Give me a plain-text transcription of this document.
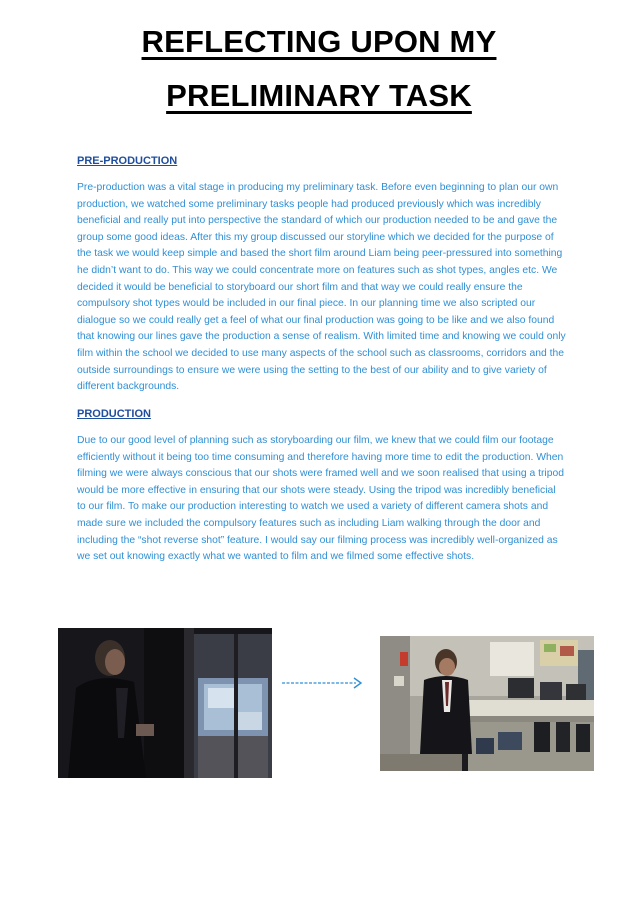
REFLECTING UPON MY
PRELIMINARY TASK
PRE-PRODUCTION

Pre-production was a vital stage in producing my preliminary task. Before even beginning to plan our own production, we watched some preliminary tasks people had produced previously which was incredibly beneficial and really put into perspective the standard of which our production needed to be and gave the group some good ideas. After this my group discussed our storyline which we decided for the purpose of the task we would keep simple and based the short film around Liam being peer-pressured into something he didn’t want to do. This way we could concentrate more on features such as shot types, angles etc. We decided it would be beneficial to storyboard our short film and that way we could really ensure the compulsory shot types would be included in our final piece. In our planning time we also scripted our dialogue so we could really get a feel of what our final production was going to be like and we also found that knowing our lines gave the production a sense of realism. With limited time and knowing we could only film within the school we decided to use many aspects of the school such as classrooms, corridors and the outside surroundings to ensure we were using the setting to the best of our ability and to give variety of different backgrounds.

PRODUCTION

Due to our good level of planning such as storyboarding our film, we knew that we could film our footage efficiently without it being too time consuming and therefore having more time to edit the production. When filming we were always conscious that our shots were framed well and we soon realised that using a tripod would be more effective in ensuring that our shots were steady. Using the tripod was incredibly beneficial to our film. To make our production interesting to watch we used a variety of different camera shots and made sure we included the compulsory features such as including Liam walking through the door and including the “shot reverse shot” feature. I would say our filming process was incredibly well-organized as we set out knowing exactly what we wanted to film and we filmed some effective shots.
